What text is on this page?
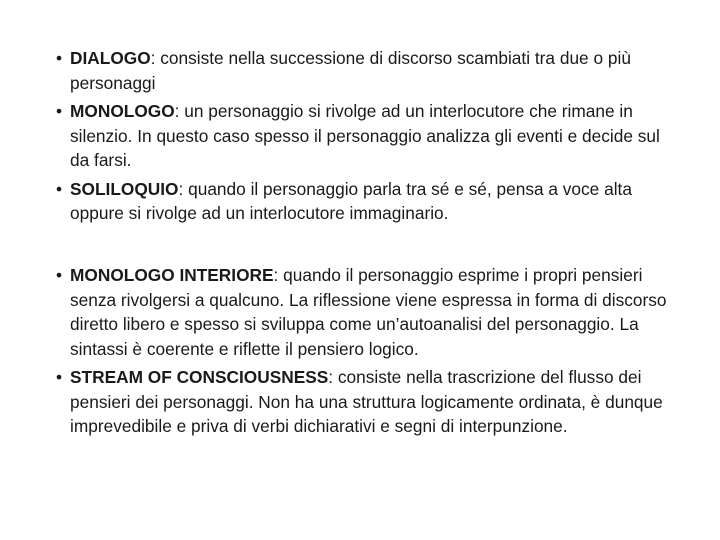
• DIALOGO: consiste nella successione di discorso scambiati tra due o più personaggi
• MONOLOGO: un personaggio si rivolge ad un interlocutore che rimane in silenzio. In questo caso spesso il personaggio analizza gli eventi e decide sul da farsi.
• SOLILOQUIO: quando il personaggio parla tra sé e sé, pensa a voce alta oppure si rivolge ad un interlocutore immaginario.
• MONOLOGO INTERIORE: quando il personaggio esprime i propri pensieri senza rivolgersi a qualcuno. La riflessione viene espressa in forma di discorso diretto libero e spesso si sviluppa come un’autoanalisi del personaggio. La sintassi è coerente e riflette il pensiero logico.
• STREAM OF CONSCIOUSNESS: consiste nella trascrizione del flusso dei pensieri dei personaggi. Non ha una struttura logicamente ordinata, è dunque imprevedibile e priva di verbi dichiarativi e segni di interpunzione.
